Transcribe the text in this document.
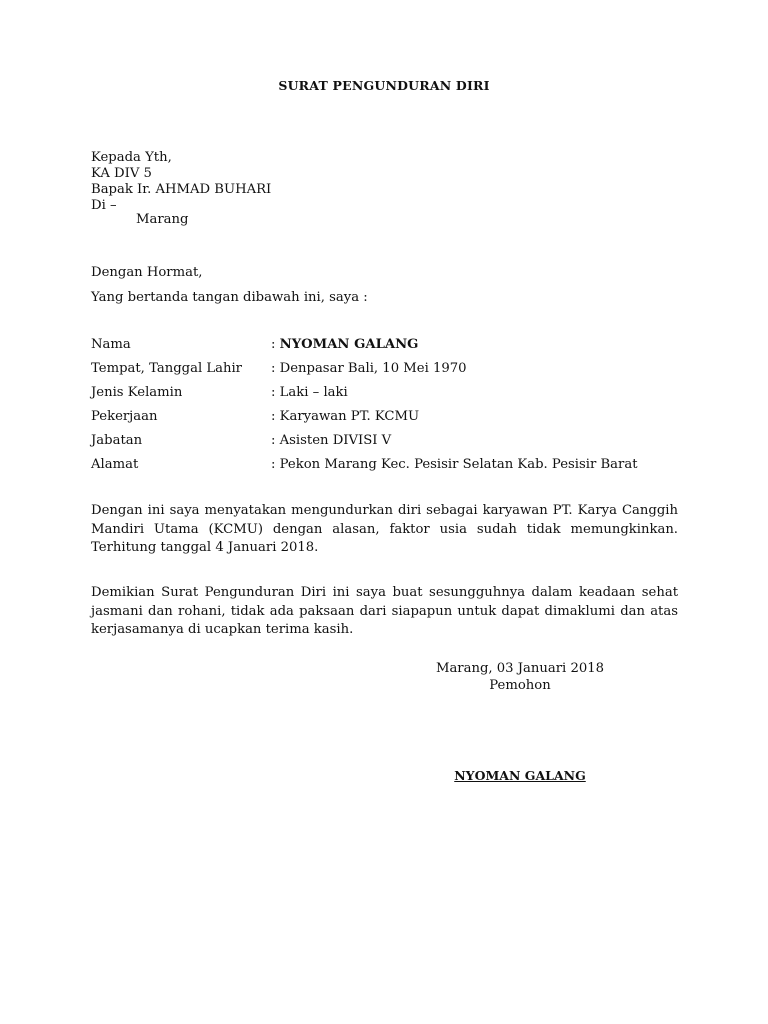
SURAT PENGUNDURAN DIRI
Kepada Yth,
KA DIV 5
Bapak Ir. AHMAD BUHARI
Di –
Marang
Dengan Hormat,
Yang bertanda tangan dibawah ini, saya :
Nama	: NYOMAN GALANG
Tempat, Tanggal Lahir : Denpasar Bali, 10 Mei 1970
Jenis Kelamin	: Laki – laki
Pekerjaan	: Karyawan PT. KCMU
Jabatan	: Asisten DIVISI V
Alamat	: Pekon Marang Kec. Pesisir Selatan Kab. Pesisir Barat
Dengan ini saya menyatakan mengundurkan diri sebagai karyawan PT. Karya Canggih Mandiri Utama (KCMU) dengan alasan, faktor usia sudah tidak memungkinkan. Terhitung tanggal 4 Januari 2018.
Demikian Surat Pengunduran Diri ini saya buat sesungguhnya dalam keadaan sehat jasmani dan rohani, tidak ada paksaan dari siapapun untuk dapat dimaklumi dan atas kerjasamanya di ucapkan terima kasih.
Marang, 03 Januari 2018
Pemohon
NYOMAN GALANG
